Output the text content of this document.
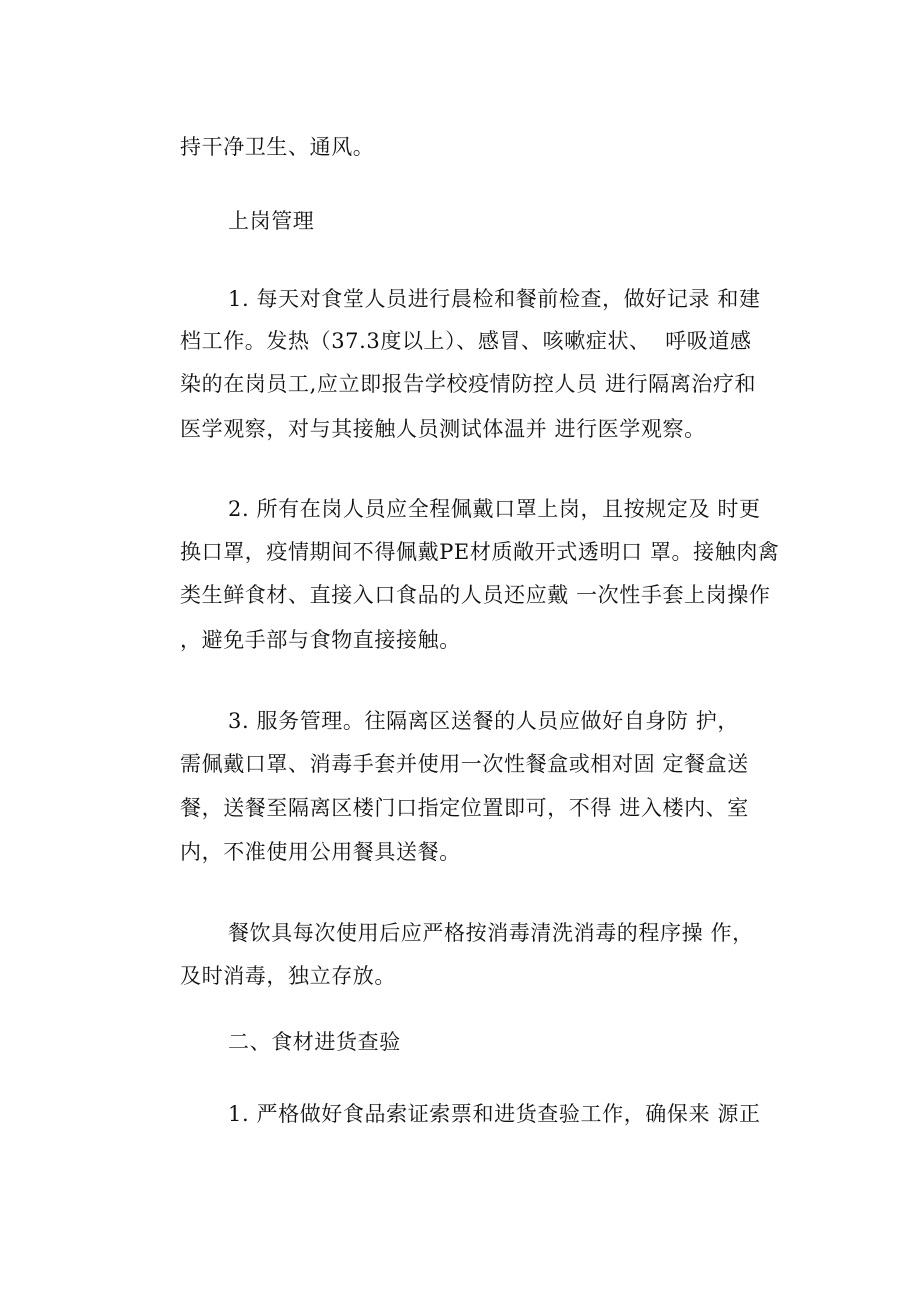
持干净卫生、通风。
上岗管理
1. 每天对食堂人员进行晨检和餐前检查，做好记录 和建
档工作。发热（37.3度以上）、感冒、咳嗽症状、  呼吸道感
染的在岗员工,应立即报告学校疫情防控人员 进行隔离治疗和
医学观察，对与其接触人员测试体温并 进行医学观察。
2. 所有在岗人员应全程佩戴口罩上岗，且按规定及 时更
换口罩，疫情期间不得佩戴PE材质敞开式透明口 罩。接触肉禽
类生鲜食材、直接入口食品的人员还应戴 一次性手套上岗操作
，避免手部与食物直接接触。
3. 服务管理。往隔离区送餐的人员应做好自身防 护，
需佩戴口罩、消毒手套并使用一次性餐盒或相对固 定餐盒送
餐，送餐至隔离区楼门口指定位置即可，不得 进入楼内、室
内，不准使用公用餐具送餐。
餐饮具每次使用后应严格按消毒清洗消毒的程序操 作，
及时消毒，独立存放。
二、食材进货查验
1. 严格做好食品索证索票和进货查验工作，确保来 源正
